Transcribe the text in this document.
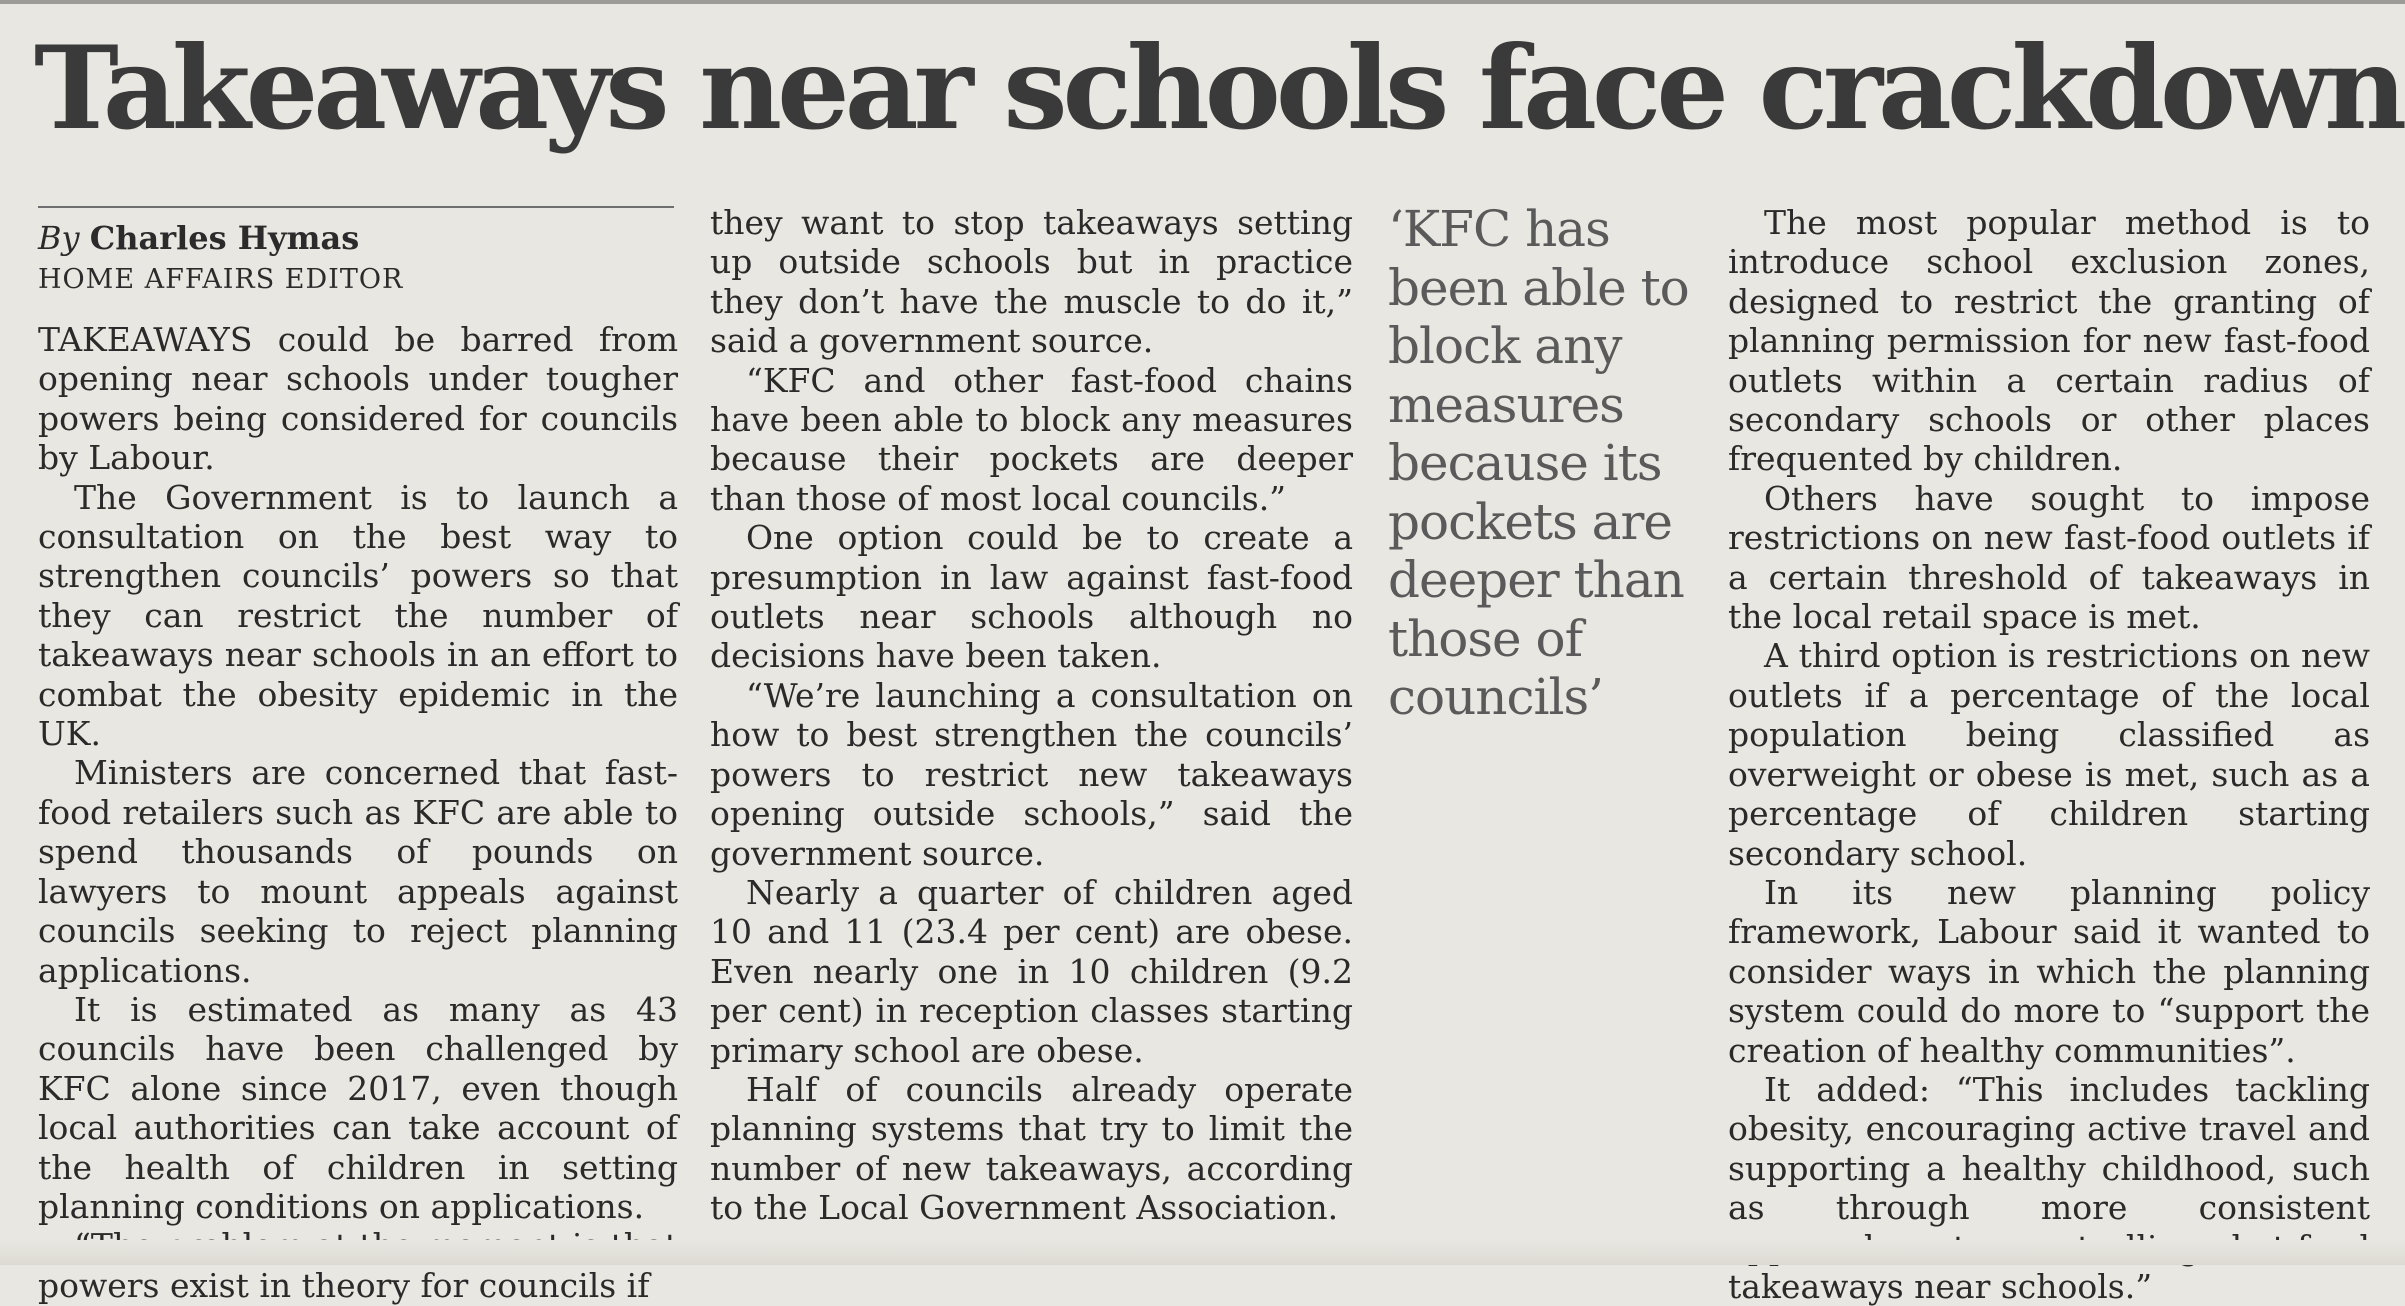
Takeaways near schools face crackdown
By Charles Hymas
HOME AFFAIRS EDITOR

TAKEAWAYS could be barred from opening near schools under tougher powers being considered for councils by Labour.

The Government is to launch a consultation on the best way to strengthen councils’ powers so that they can restrict the number of takeaways near schools in an effort to combat the obesity epidemic in the UK.

Ministers are concerned that fast-food retailers such as KFC are able to spend thousands of pounds on lawyers to mount appeals against councils seeking to reject planning applications.

It is estimated as many as 43 councils have been challenged by KFC alone since 2017, even though local authorities can take account of the health of children in setting planning conditions on applications.

powers exist in theory for councils if

they want to stop takeaways setting up outside schools but in practice they don’t have the muscle to do it,” said a government source.

“KFC and other fast-food chains have been able to block any measures because their pockets are deeper than those of most local councils.”

One option could be to create a presumption in law against fast-food outlets near schools although no decisions have been taken.

“We’re launching a consultation on how to best strengthen the councils’ powers to restrict new takeaways opening outside schools,” said the government source.

Nearly a quarter of children aged 10 and 11 (23.4 per cent) are obese. Even nearly one in 10 children (9.2 per cent) in reception classes starting primary school are obese.

Half of councils already operate planning systems that try to limit the number of new takeaways, according to the Local Government Association.

‘KFC has been able to block any measures because its pockets are deeper than those of councils’

The most popular method is to introduce school exclusion zones, designed to restrict the granting of planning permission for new fast-food outlets within a certain radius of secondary schools or other places frequented by children.

Others have sought to impose restrictions on new fast-food outlets if a certain threshold of takeaways in the local retail space is met.

A third option is restrictions on new outlets if a percentage of the local population being classified as overweight or obese is met, such as a percentage of children starting secondary school.

In its new planning policy framework, Labour said it wanted to consider ways in which the planning system could do more to “support the creation of healthy communities”.

It added: “This includes tackling obesity, encouraging active travel and supporting a healthy childhood, such as through more consistent takeaways near schools.”
